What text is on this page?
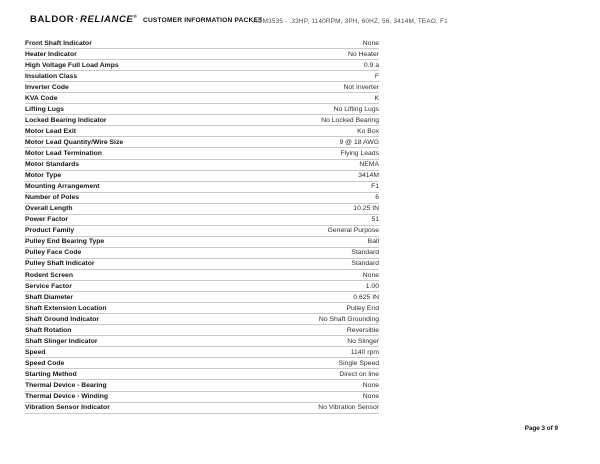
BALDOR·RELIANCE®
CUSTOMER INFORMATION PACKET
AOM3535 - .33HP, 1140RPM, 3PH, 60HZ, 56, 3414M, TEAO, F1
Front Shaft Indicator	None
Heater Indicator	No Heater
High Voltage Full Load Amps	0.9 a
Insulation Class	F
Inverter Code	Not Inverter
KVA Code	K
Lifting Lugs	No Lifting Lugs
Locked Bearing Indicator	No Locked Bearing
Motor Lead Exit	Ko Box
Motor Lead Quantity/Wire Size	9 @ 18 AWG
Motor Lead Termination	Flying Leads
Motor Standards	NEMA
Motor Type	3414M
Mounting Arrangement	F1
Number of Poles	6
Overall Length	10.25 IN
Power Factor	51
Product Family	General Purpose
Pulley End Bearing Type	Ball
Pulley Face Code	Standard
Pulley Shaft Indicator	Standard
Rodent Screen	None
Service Factor	1.00
Shaft Diameter	0.625 IN
Shaft Extension Location	Pulley End
Shaft Ground Indicator	No Shaft Grounding
Shaft Rotation	Reversible
Shaft Slinger Indicator	No Slinger
Speed	1140 rpm
Speed Code	Single Speed
Starting Method	Direct on line
Thermal Device - Bearing	None
Thermal Device - Winding	None
Vibration Sensor Indicator	No Vibration Sensor
Page 3 of 9
